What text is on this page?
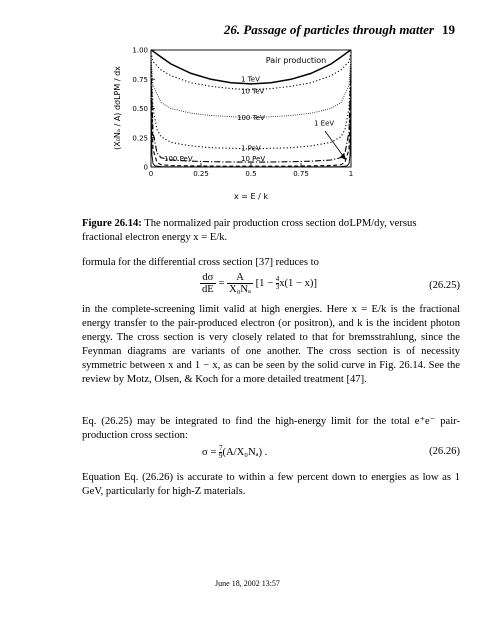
26. Passage of particles through matter 19
0	0.25	0.5	0.75	1
0
0.25
0.50
0.75
1.00
Pair production
x = E / k
(X₀Nₐ / A) dσLPM / dx	1 TeV
10 TeV
100 TeV
1 EeV
1 PeV
10 PeV
100 PeV
Figure 26.14: The normalized pair production cross section dσLPM/dy, versus fractional electron energy x = E/k.
formula for the differential cross section [37] reduces to
$\frac{d\sigma}{dE} = \frac{A}{\text{X₀Nₐ}} [1 - \frac{4}{3} x(1 - x)]$	(26.25)
in the complete-screening limit valid at high energies. Here x = E/k is the fractional energy transfer to the pair-produced electron (or positron), and k is the incident photon energy. The cross section is very closely related to that for bremsstrahlung, since the Feynman diagrams are variants of one another. The cross section is of necessity symmetric between x and 1 − x, as can be seen by the solid curve in Fig. 26.14. See the review by Motz, Olsen, & Koch for a more detailed treatment [47].
Eq. (26.25) may be integrated to find the high-energy limit for the total e⁺e⁻ pair-production cross section:
$\sigma = \frac{7}{9} (A/X_0N_a)$ .	(26.26)
Equation Eq. (26.26) is accurate to within a few percent down to energies as low as 1 GeV, particularly for high-Z materials.
June 18, 2002 13:57
